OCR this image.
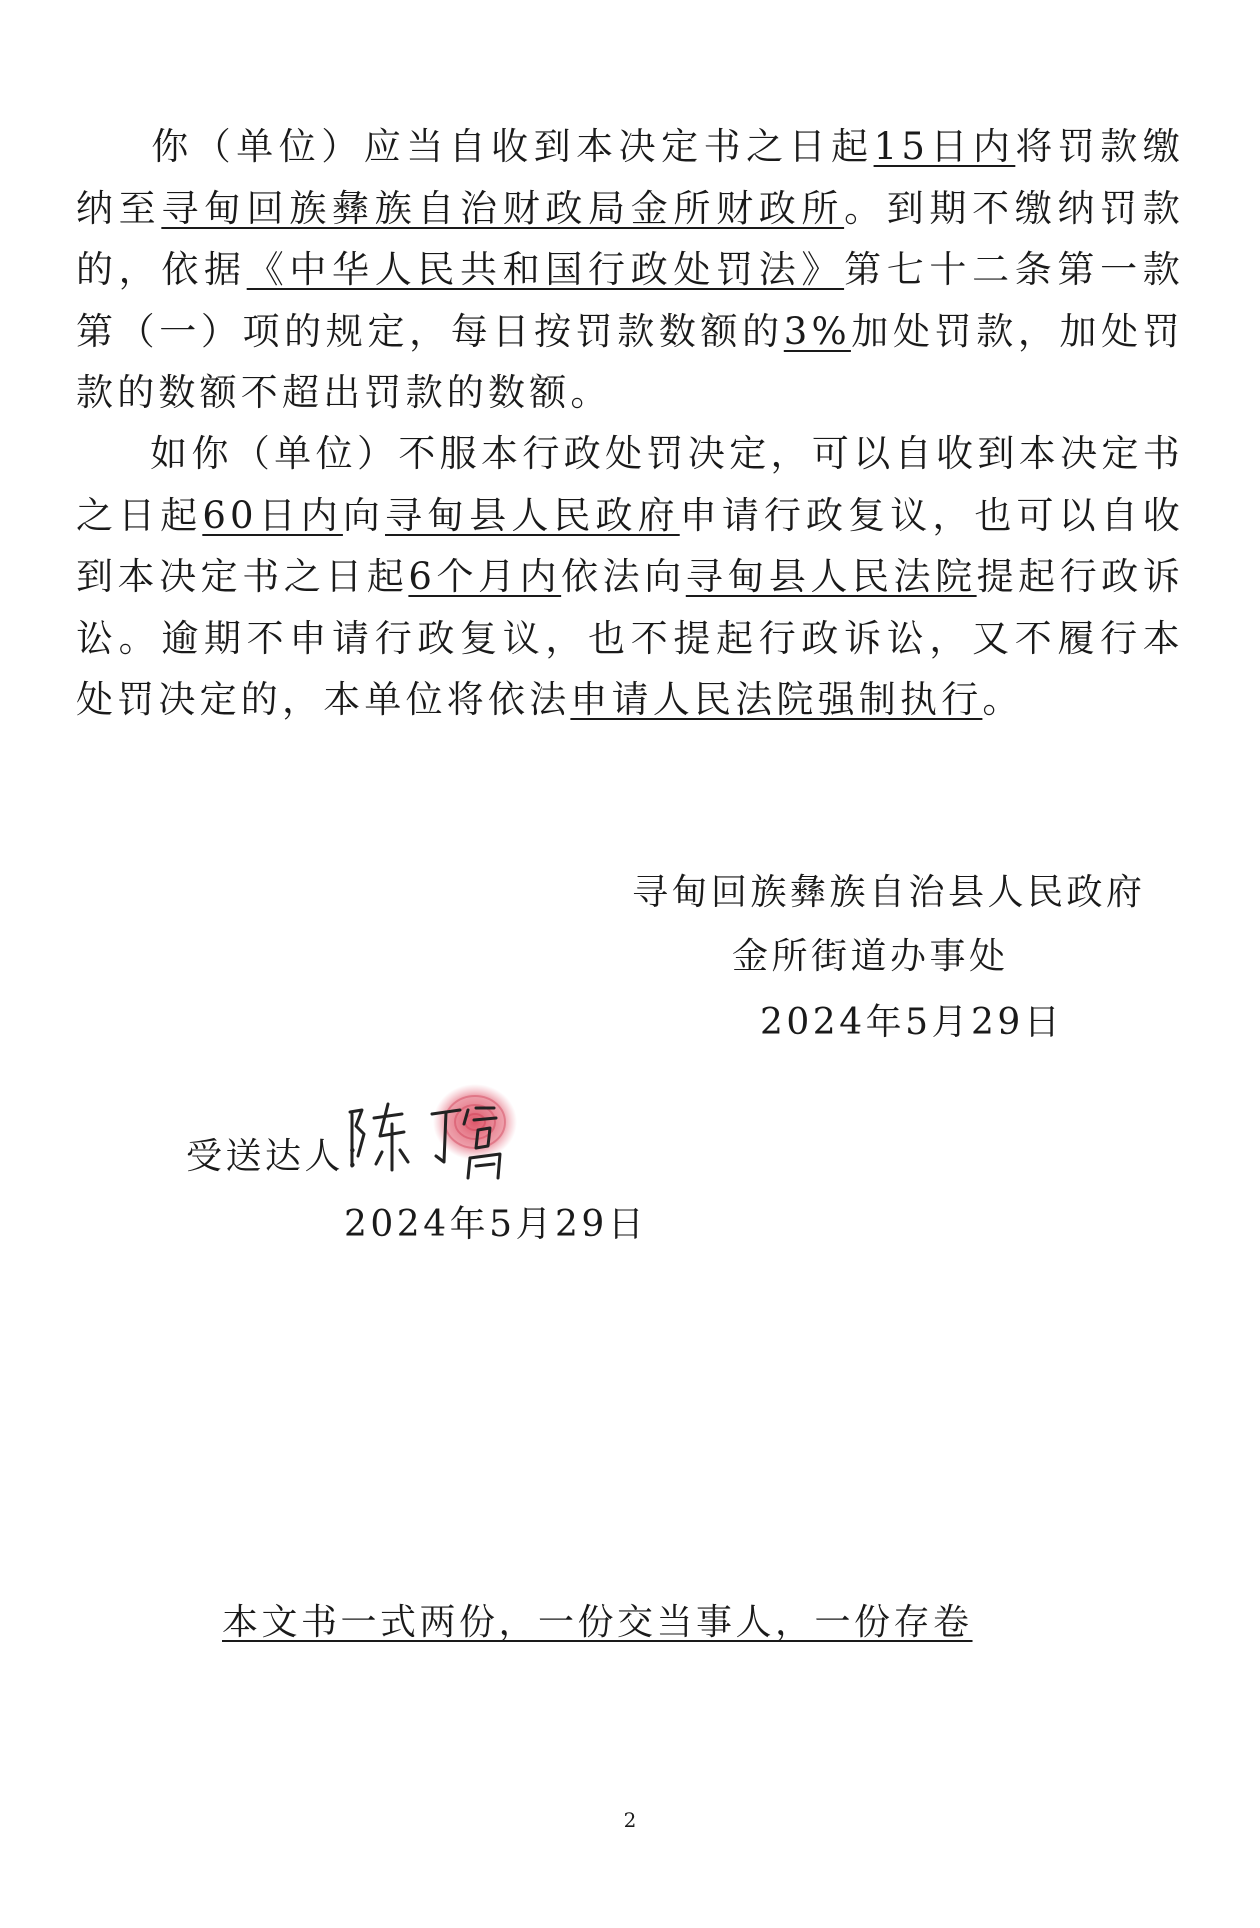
你（单位）应当自收到本决定书之日起15日内将罚款缴纳至寻甸回族彝族自治财政局金所财政所。到期不缴纳罚款的，依据《中华人民共和国行政处罚法》第七十二条第一款第（一）项的规定，每日按罚款数额的3%加处罚款，加处罚款的数额不超出罚款的数额。

如你（单位）不服本行政处罚决定，可以自收到本决定书之日起60日内向寻甸县人民政府申请行政复议，也可以自收到本决定书之日起6个月内依法向寻甸县人民法院提起行政诉讼。逾期不申请行政复议，也不提起行政诉讼，又不履行本处罚决定的，本单位将依法申请人民法院强制执行。

寻甸回族彝族自治县人民政府

金所街道办事处

2024年5月29日

受送达人：

2024年5月29日

本文书一式两份，一份交当事人，一份存卷

2
